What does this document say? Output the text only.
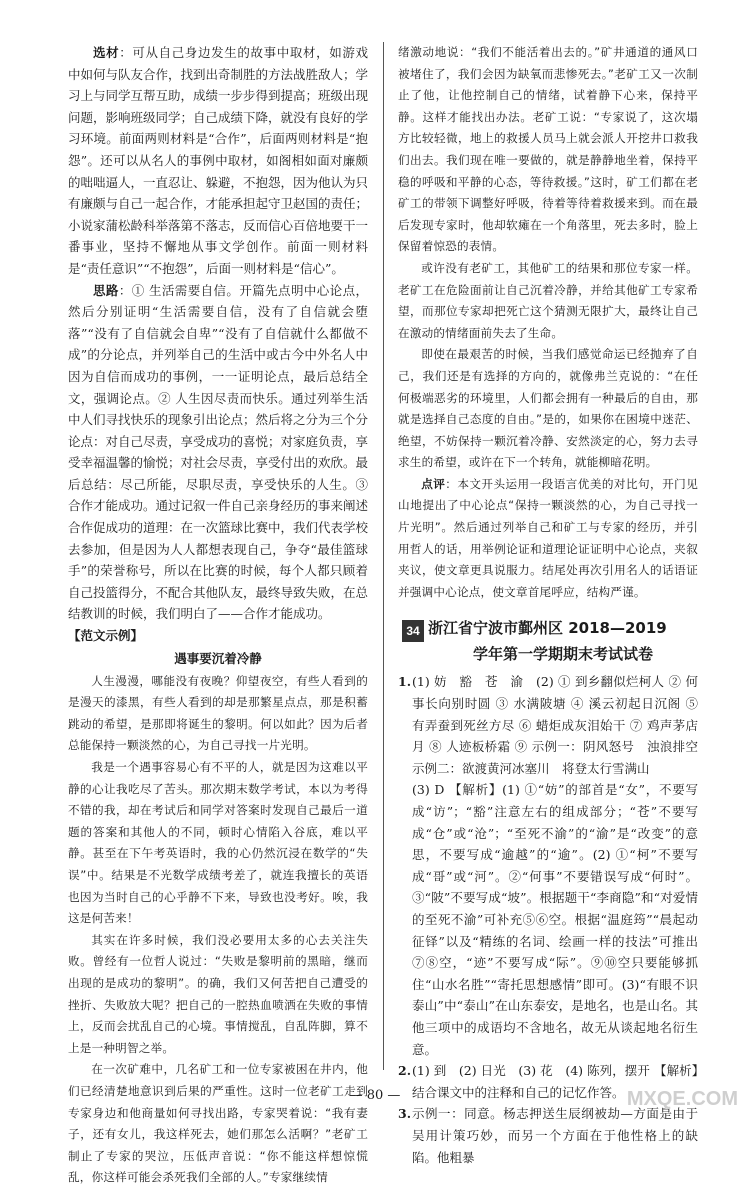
选材：可从自己身边发生的故事中取材，如游戏中如何与队友合作，找到出奇制胜的方法战胜敌人；学习上与同学互帮互助，成绩一步步得到提高；班级出现问题，影响班级同学；自己成绩下降，就没有良好的学习环境。前面两则材料是“合作”，后面两则材料是“抱怨”。还可以从名人的事例中取材，如阁相如面对廉颇的咄咄逼人，一直忍让、躲避，不抱怨，因为他认为只有廉颇与自己一起合作，才能承担起守卫赵国的责任；小说家蒲松龄科举落第不落志，反而信心百倍地要干一番事业，坚持不懈地从事文学创作。前面一则材料是“责任意识”“不抱怨”，后面一则材料是“信心”。

思路：① 生活需要自信。开篇先点明中心论点，然后分别证明“生活需要自信，没有了自信就会堕落”“没有了自信就会自卑”“没有了自信就什么都做不成”的分论点，并列举自己的生活中或古今中外名人中因为自信而成功的事例，一一证明论点，最后总结全文，强调论点。② 人生因尽责而快乐。通过列举生活中人们寻找快乐的现象引出论点；然后将之分为三个分论点：对自己尽责，享受成功的喜悦；对家庭负责，享受幸福温馨的愉悦；对社会尽责，享受付出的欢欣。最后总结：尽己所能，尽职尽责，享受快乐的人生。③ 合作才能成功。通过记叙一件自己亲身经历的事来阐述合作促成功的道理：在一次篮球比赛中，我们代表学校去参加，但是因为人人都想表现自己，争夺“最佳篮球手”的荣誉称号，所以在比赛的时候，每个人都只顾着自己投篮得分，不配合其他队友，最终导致失败，在总结教训的时候，我们明白了——合作才能成功。

【范文示例】
遇事要沉着冷静

人生漫漫，哪能没有夜晚？仰望夜空，有些人看到的是漫天的漆黑，有些人看到的却是那繁星点点，那是积蓄跳动的希望，是那即将诞生的黎明。何以如此？因为后者总能保持一颗淡然的心，为自己寻找一片光明。

我是一个遇事容易心有不平的人，就是因为这难以平静的心让我吃尽了苦头。那次期末数学考试，本以为考得不错的我，却在考试后和同学对答案时发现自己最后一道题的答案和其他人的不同，顿时心情陷入谷底，难以平静。甚至在下午考英语时，我的心仍然沉浸在数学的“失误”中。结果是不光数学成绩考差了，就连我擅长的英语也因为当时自己的心乎静不下来，导致也没考好。唉，我这是何苦来！

其实在许多时候，我们没必要用太多的心去关注失败。曾经有一位哲人说过：“失败是黎明前的黑暗，继而出现的是成功的黎明”。的确，我们又何苦把自己遭受的挫折、失败放大呢？把自己的一腔热血喷洒在失败的事情上，反而会扰乱自己的心境。事情搅乱，自乱阵脚，算不上是一种明智之举。

在一次矿难中，几名矿工和一位专家被困在井内，他们已经清楚地意识到后果的严重性。这时一位老矿工走到专家身边和他商量如何寻找出路，专家哭着说：“我有妻子，还有女儿，我这样死去，她们那怎么活啊？”老矿工制止了专家的哭泣，压低声音说：“你不能这样想惊慌乱，你这样可能会杀死我们全部的人。”专家继续情

绪激动地说：“我们不能活着出去的。”矿井通道的通风口被堵住了，我们会因为缺氧而悲惨死去。”老矿工又一次制止了他，让他控制自己的情绪，试着静下心来，保持平静。这样才能找出办法。老矿工说：“专家说了，这次塌方比较轻微，地上的救援人员马上就会派人开挖井口救我们出去。我们现在唯一要做的，就是静静地坐着，保持平稳的呼吸和平静的心态，等待救援。”这时，矿工们都在老矿工的带领下调整好呼吸，待着等待着救援来到。而在最后发现专家时，他却软瘫在一个角落里，死去多时，脸上保留着惊恐的表情。

或许没有老矿工，其他矿工的结果和那位专家一样。老矿工在危险面前让自己沉着冷静，并给其他矿工专家希望，而那位专家却把死亡这个猜测无限扩大，最终让自己在激动的情绪面前失去了生命。

即使在最艰苦的时候，当我们感觉命运已经抛弃了自己，我们还是有选择的方向的，就像弗兰克说的：“在任何极端恶劣的环境里，人们都会拥有一种最后的自由，那就是选择自己态度的自由。”是的，如果你在困境中迷茫、绝望，不妨保持一颗沉着冷静、安然淡定的心，努力去寻求生的希望，或许在下一个转角，就能柳暗花明。

点评：本文开头运用一段语言优美的对比句，开门见山地提出了中心论点“保持一颗淡然的心，为自己寻找一片光明”。然后通过列举自己和矿工与专家的经历，并引用哲人的话，用举例论证和道理论证证明中心论点，夹叙夹议，使文章更具说服力。结尾处再次引用名人的话语证并强调中心论点，使文章首尾呼应，结构严谨。

34 浙江省宁波市鄞州区 2018—2019
学年第一学期期末考试试卷
1. (1) 妨　豁　苍　渝　(2) ① 到乡翻似烂柯人 ② 何事长向别时圆 ③ 水满陂塘 ④ 溪云初起日沉阁 ⑤ 有弄蚕到死丝方尽 ⑥ 蜡炬成灰泪始干 ⑦ 鸡声茅店月 ⑧ 人迹板桥霜 ⑨ 示例一：阴风怒号　浊浪排空　示例二：欲渡黄河冰塞川　将登太行雪满山
(3) D 【解析】(1) ①“妨”的部首是“女”，不要写成“访”；“豁”注意左右的组成部分；“苍”不要写成“仓”或“沧”；“至死不渝”的“渝”是“改变”的意思，不要写成“逾越”的“逾”。(2) ①“柯”不要写成“哥”或“河”。②“何事”不要错误写成“何时”。③“陂”不要写成“坡”。根据题干“李商隐”和“对爱情的至死不渝”可补充⑤⑥空。根据“温庭筠”“晨起动征铎”以及“精练的名词、绘画一样的技法”可推出⑦⑧空，“迹”不要写成“际”。⑨⑩空只要能够抓住“山水名胜”“寄托思想感情”即可。(3)“有眼不识泰山”中“泰山”在山东泰安，是地名，也是山名。其他三项中的成语均不含地名，故无从谈起地名衍生意。
2. (1) 到　(2) 日光　(3) 花　(4) 陈列，摆开 【解析】结合课文中的注释和自己的记忆作答。
3. 示例一：同意。杨志押送生辰纲被劫—方面是由于吴用计策巧妙，而另一个方面在于他性格上的缺陷。他粗暴
— 80 —	MXQE.COM
